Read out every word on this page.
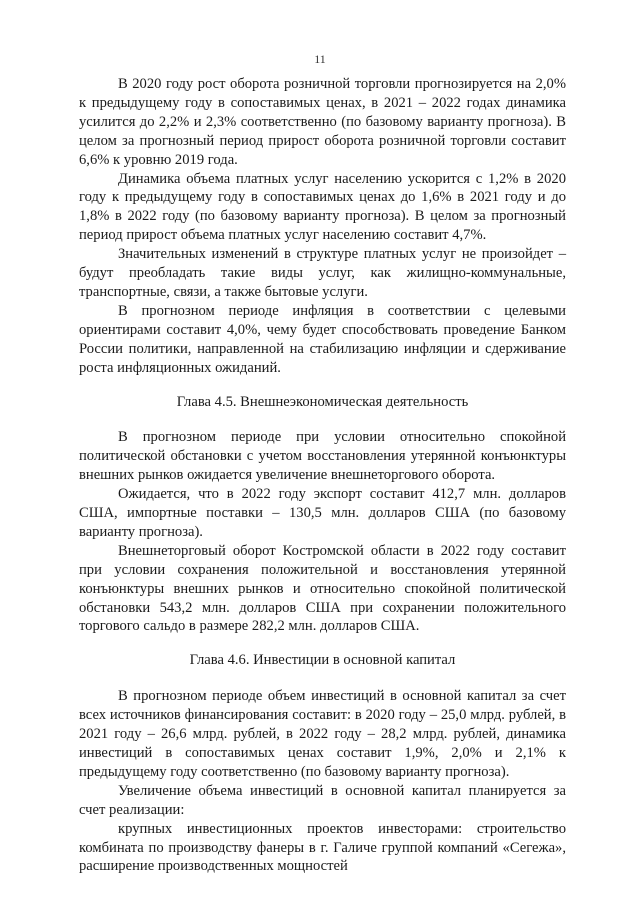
11

В 2020 году рост оборота розничной торговли прогнозируется на 2,0% к предыдущему году в сопоставимых ценах, в 2021 – 2022 годах динамика усилится до 2,2% и 2,3% соответственно (по базовому варианту прогноза). В целом за прогнозный период прирост оборота розничной торговли составит 6,6% к уровню 2019 года.

Динамика объема платных услуг населению ускорится с 1,2% в 2020 году к предыдущему году в сопоставимых ценах до 1,6% в 2021 году и до 1,8% в 2022 году (по базовому варианту прогноза). В целом за прогнозный период прирост объема платных услуг населению составит 4,7%.

Значительных изменений в структуре платных услуг не произойдет – будут преобладать такие виды услуг, как жилищно-коммунальные, транспортные, связи, а также бытовые услуги.

В прогнозном периоде инфляция в соответствии с целевыми ориентирами составит 4,0%, чему будет способствовать проведение Банком России политики, направленной на стабилизацию инфляции и сдерживание роста инфляционных ожиданий.

Глава 4.5. Внешнеэкономическая деятельность

В прогнозном периоде при условии относительно спокойной политической обстановки с учетом восстановления утерянной конъюнктуры внешних рынков ожидается увеличение внешнеторгового оборота.

Ожидается, что в 2022 году экспорт составит 412,7 млн. долларов США, импортные поставки – 130,5 млн. долларов США (по базовому варианту прогноза).

Внешнеторговый оборот Костромской области в 2022 году составит при условии сохранения положительной и восстановления утерянной конъюнктуры внешних рынков и относительно спокойной политической обстановки 543,2 млн. долларов США при сохранении положительного торгового сальдо в размере 282,2 млн. долларов США.

Глава 4.6. Инвестиции в основной капитал

В прогнозном периоде объем инвестиций в основной капитал за счет всех источников финансирования составит: в 2020 году – 25,0 млрд. рублей, в 2021 году – 26,6 млрд. рублей, в 2022 году – 28,2 млрд. рублей, динамика инвестиций в сопоставимых ценах составит 1,9%, 2,0% и 2,1% к предыдущему году соответственно (по базовому варианту прогноза).

Увеличение объема инвестиций в основной капитал планируется за счет реализации:

крупных инвестиционных проектов инвесторами: строительство комбината по производству фанеры в г. Галиче группой компаний «Сегежа», расширение производственных мощностей
